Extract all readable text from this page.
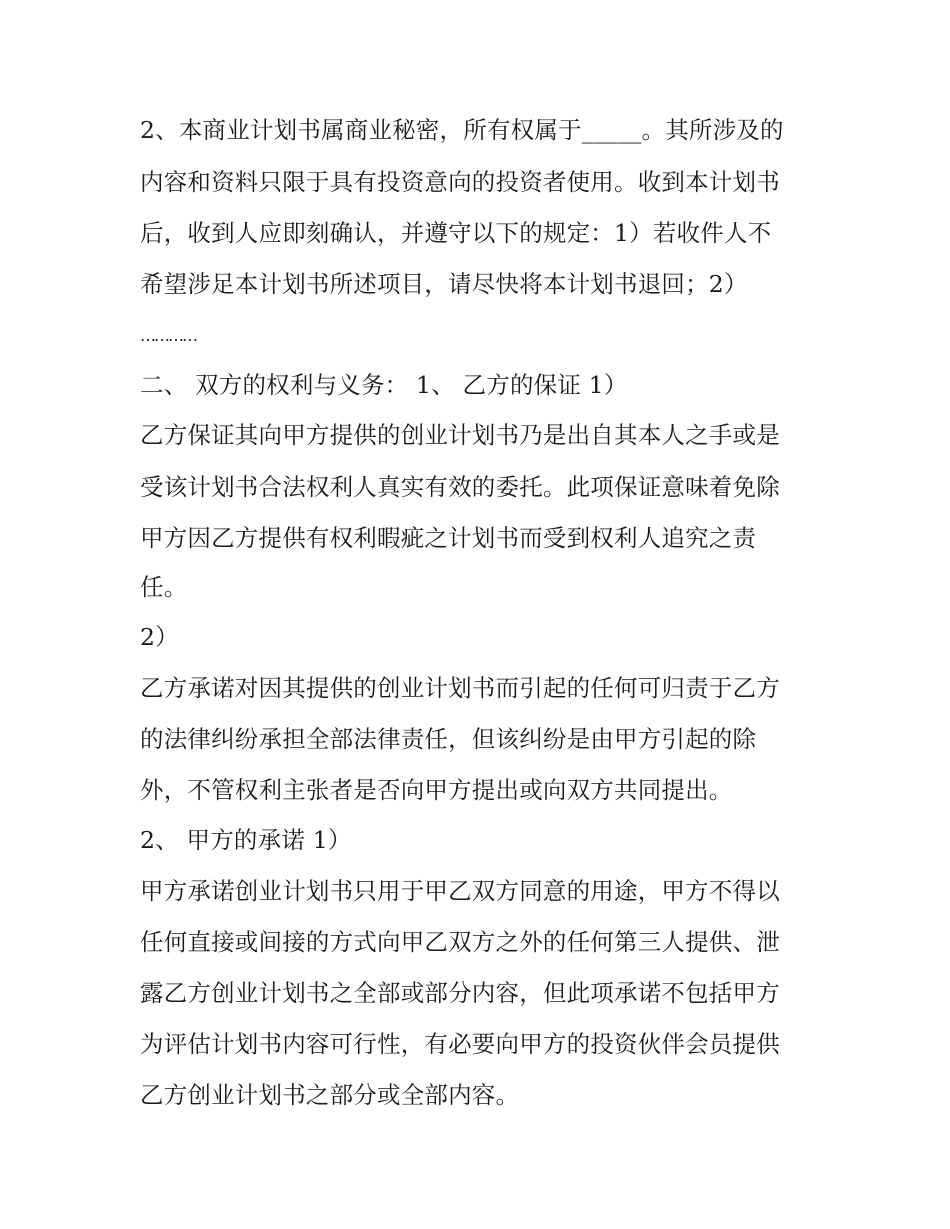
2、本商业计划书属商业秘密，所有权属于_____。其所涉及的
内容和资料只限于具有投资意向的投资者使用。收到本计划书
后，收到人应即刻确认，并遵守以下的规定：1）若收件人不
希望涉足本计划书所述项目，请尽快将本计划书退回；2）
…………
二、 双方的权利与义务： 1、 乙方的保证 1）
乙方保证其向甲方提供的创业计划书乃是出自其本人之手或是
受该计划书合法权利人真实有效的委托。此项保证意味着免除
甲方因乙方提供有权利暇疵之计划书而受到权利人追究之责
任。
2）
乙方承诺对因其提供的创业计划书而引起的任何可归责于乙方
的法律纠纷承担全部法律责任，但该纠纷是由甲方引起的除
外，不管权利主张者是否向甲方提出或向双方共同提出。
2、 甲方的承诺 1）
甲方承诺创业计划书只用于甲乙双方同意的用途，甲方不得以
任何直接或间接的方式向甲乙双方之外的任何第三人提供、泄
露乙方创业计划书之全部或部分内容，但此项承诺不包括甲方
为评估计划书内容可行性，有必要向甲方的投资伙伴会员提供
乙方创业计划书之部分或全部内容。
